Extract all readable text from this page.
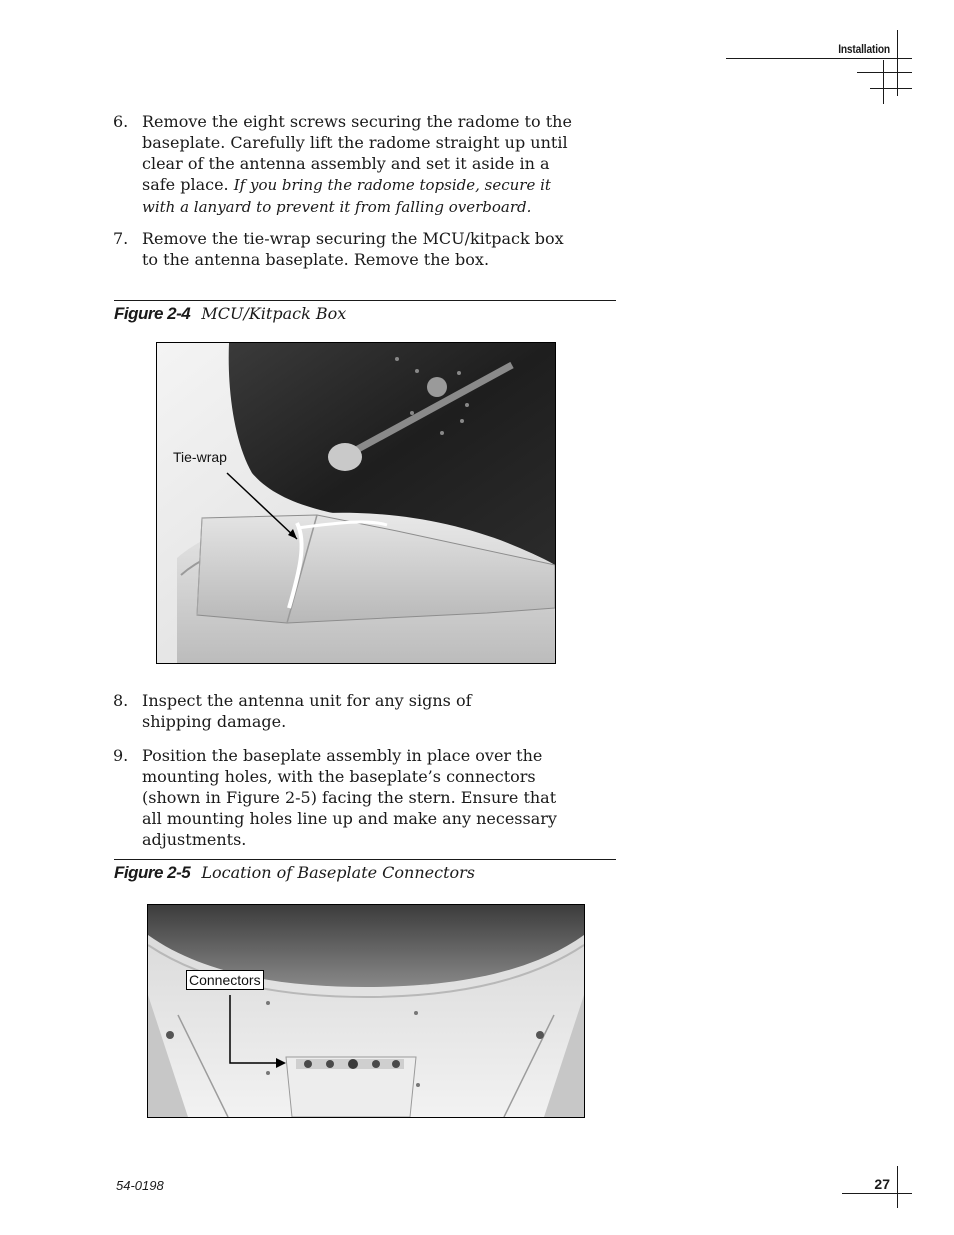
Installation
6. Remove the eight screws securing the radome to the baseplate. Carefully lift the radome straight up until clear of the antenna assembly and set it aside in a safe place. If you bring the radome topside, secure it with a lanyard to prevent it from falling overboard.
7. Remove the tie-wrap securing the MCU/kitpack box to the antenna baseplate. Remove the box.
Figure 2-4 MCU/Kitpack Box
Tie-wrap
8. Inspect the antenna unit for any signs of shipping damage.
9. Position the baseplate assembly in place over the mounting holes, with the baseplate’s connectors (shown in Figure 2-5) facing the stern. Ensure that all mounting holes line up and make any necessary adjustments.
Figure 2-5 Location of Baseplate Connectors
Connectors
54-0198	27
